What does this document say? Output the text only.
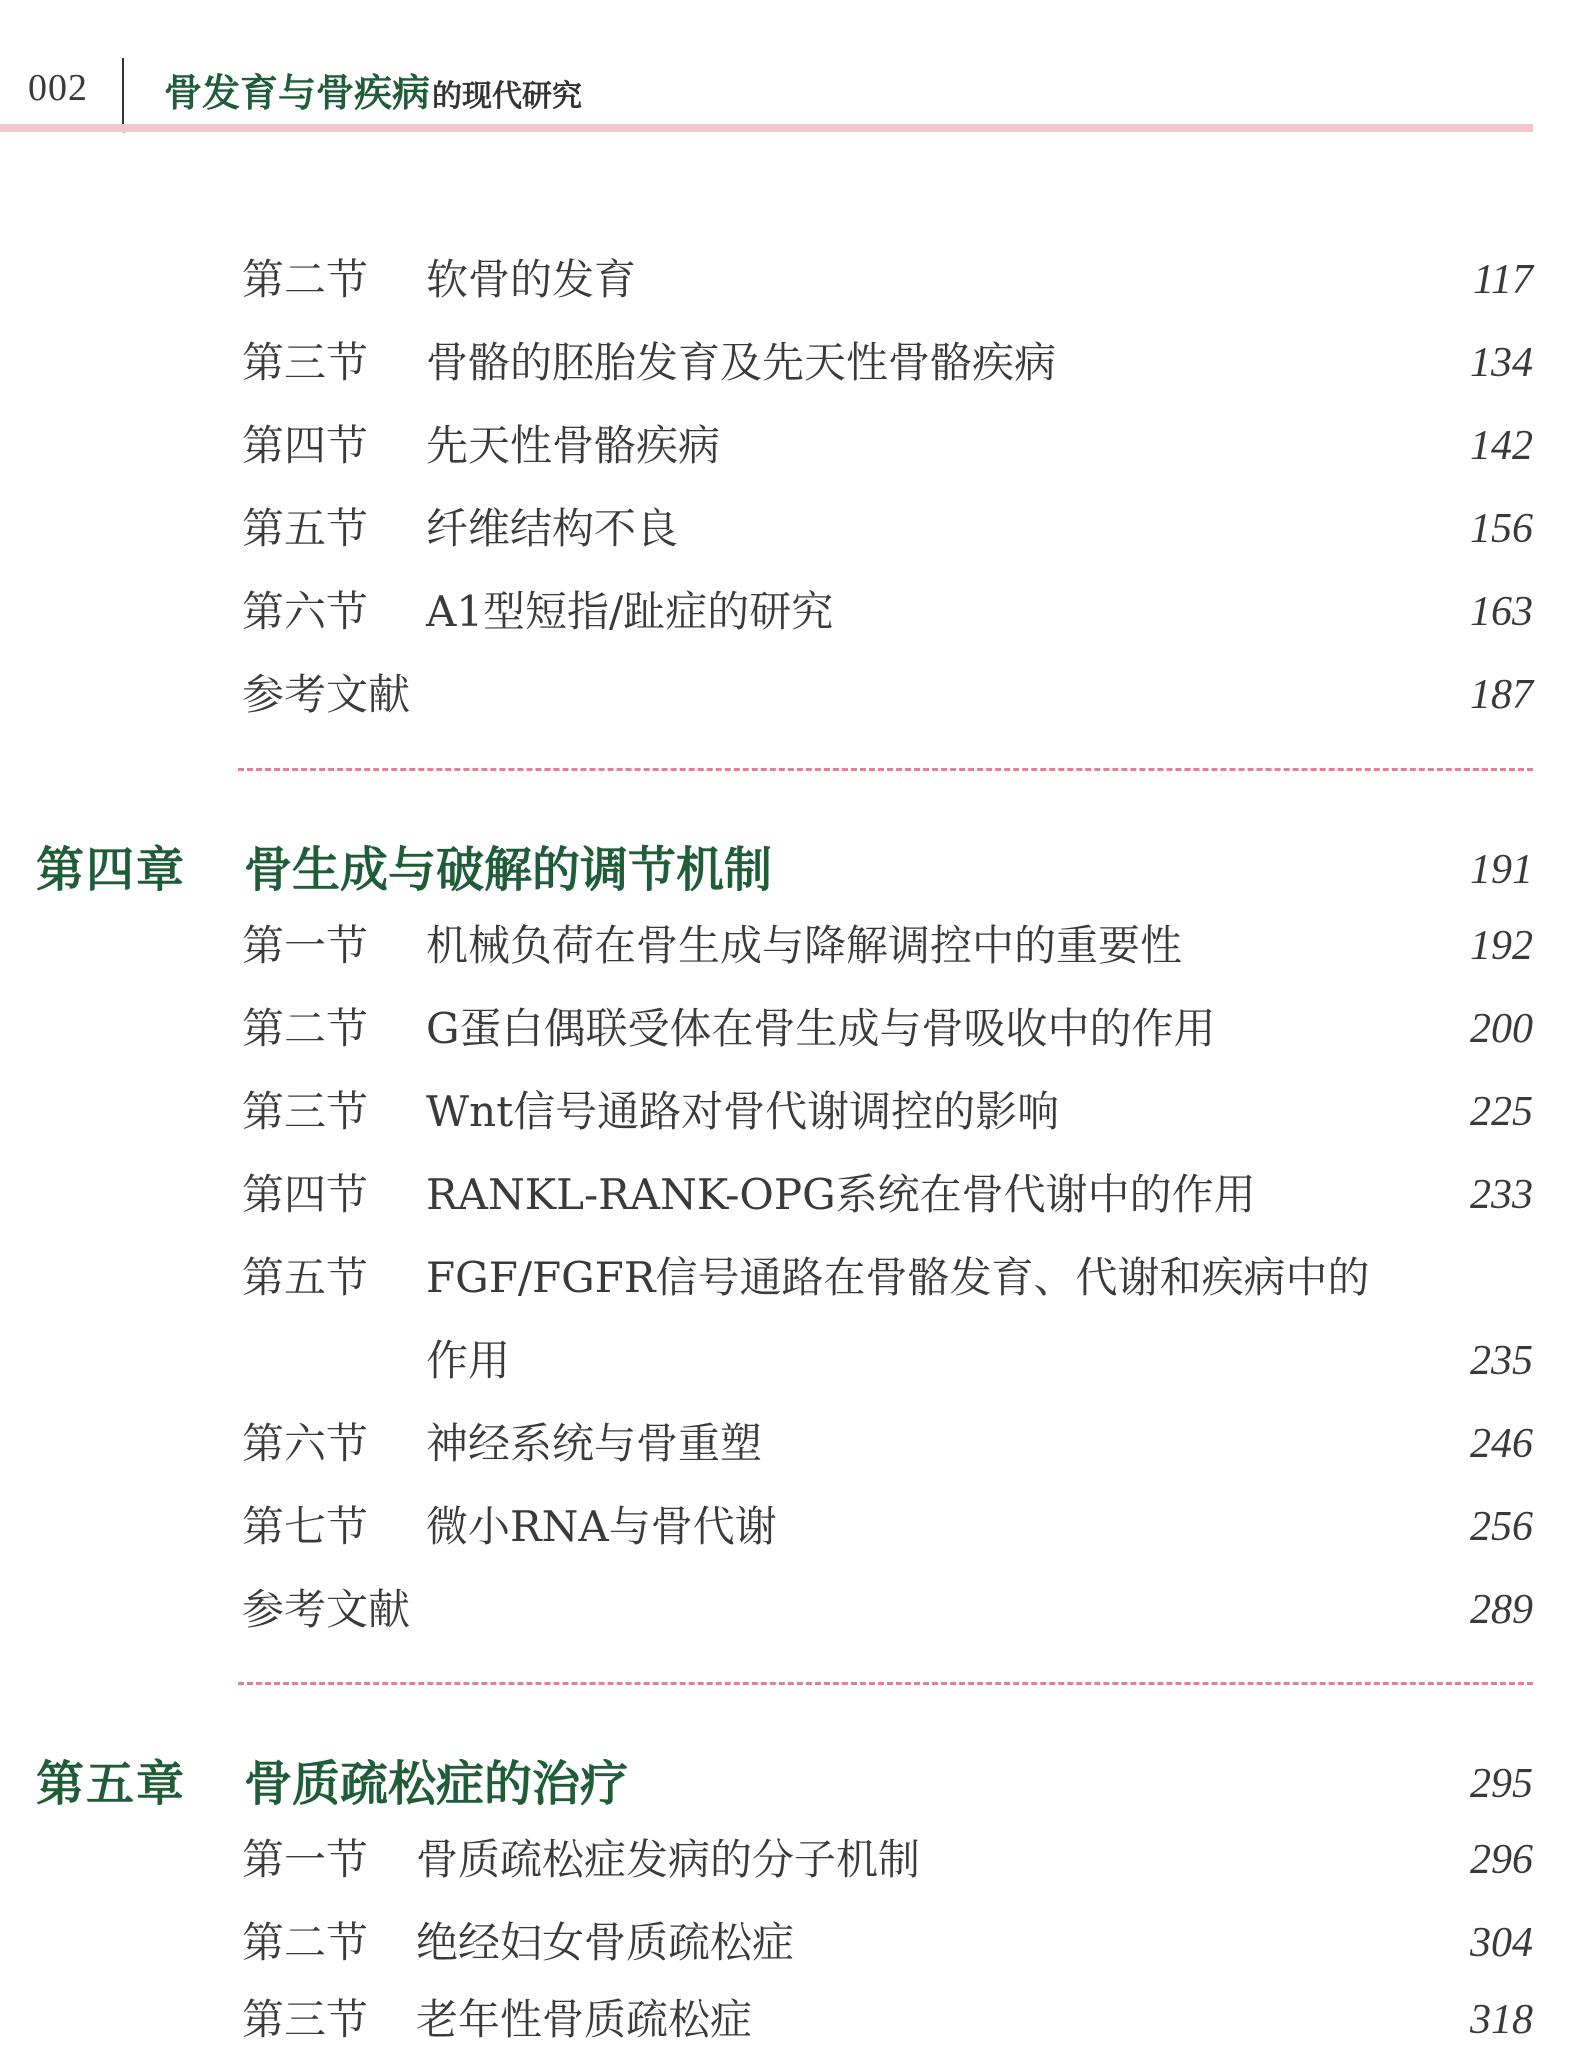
002 骨发育与骨疾病的现代研究
第二节 软骨的发育	117
第三节 骨骼的胚胎发育及先天性骨骼疾病	134
第四节 先天性骨骼疾病	142
第五节 纤维结构不良	156
第六节 A1型短指/趾症的研究	163
参考文献	187
第四章 骨生成与破解的调节机制	191
第一节 机械负荷在骨生成与降解调控中的重要性	192
第二节 G蛋白偶联受体在骨生成与骨吸收中的作用	200
第三节 Wnt信号通路对骨代谢调控的影响	225
第四节 RANKL-RANK-OPG系统在骨代谢中的作用	233
第五节 FGF/FGFR信号通路在骨骼发育、代谢和疾病中的
作用	235
第六节 神经系统与骨重塑	246
第七节 微小RNA与骨代谢	256
参考文献	289
第五章 骨质疏松症的治疗	295
第一节 骨质疏松症发病的分子机制	296
第二节 绝经妇女骨质疏松症	304
第三节 老年性骨质疏松症	318
